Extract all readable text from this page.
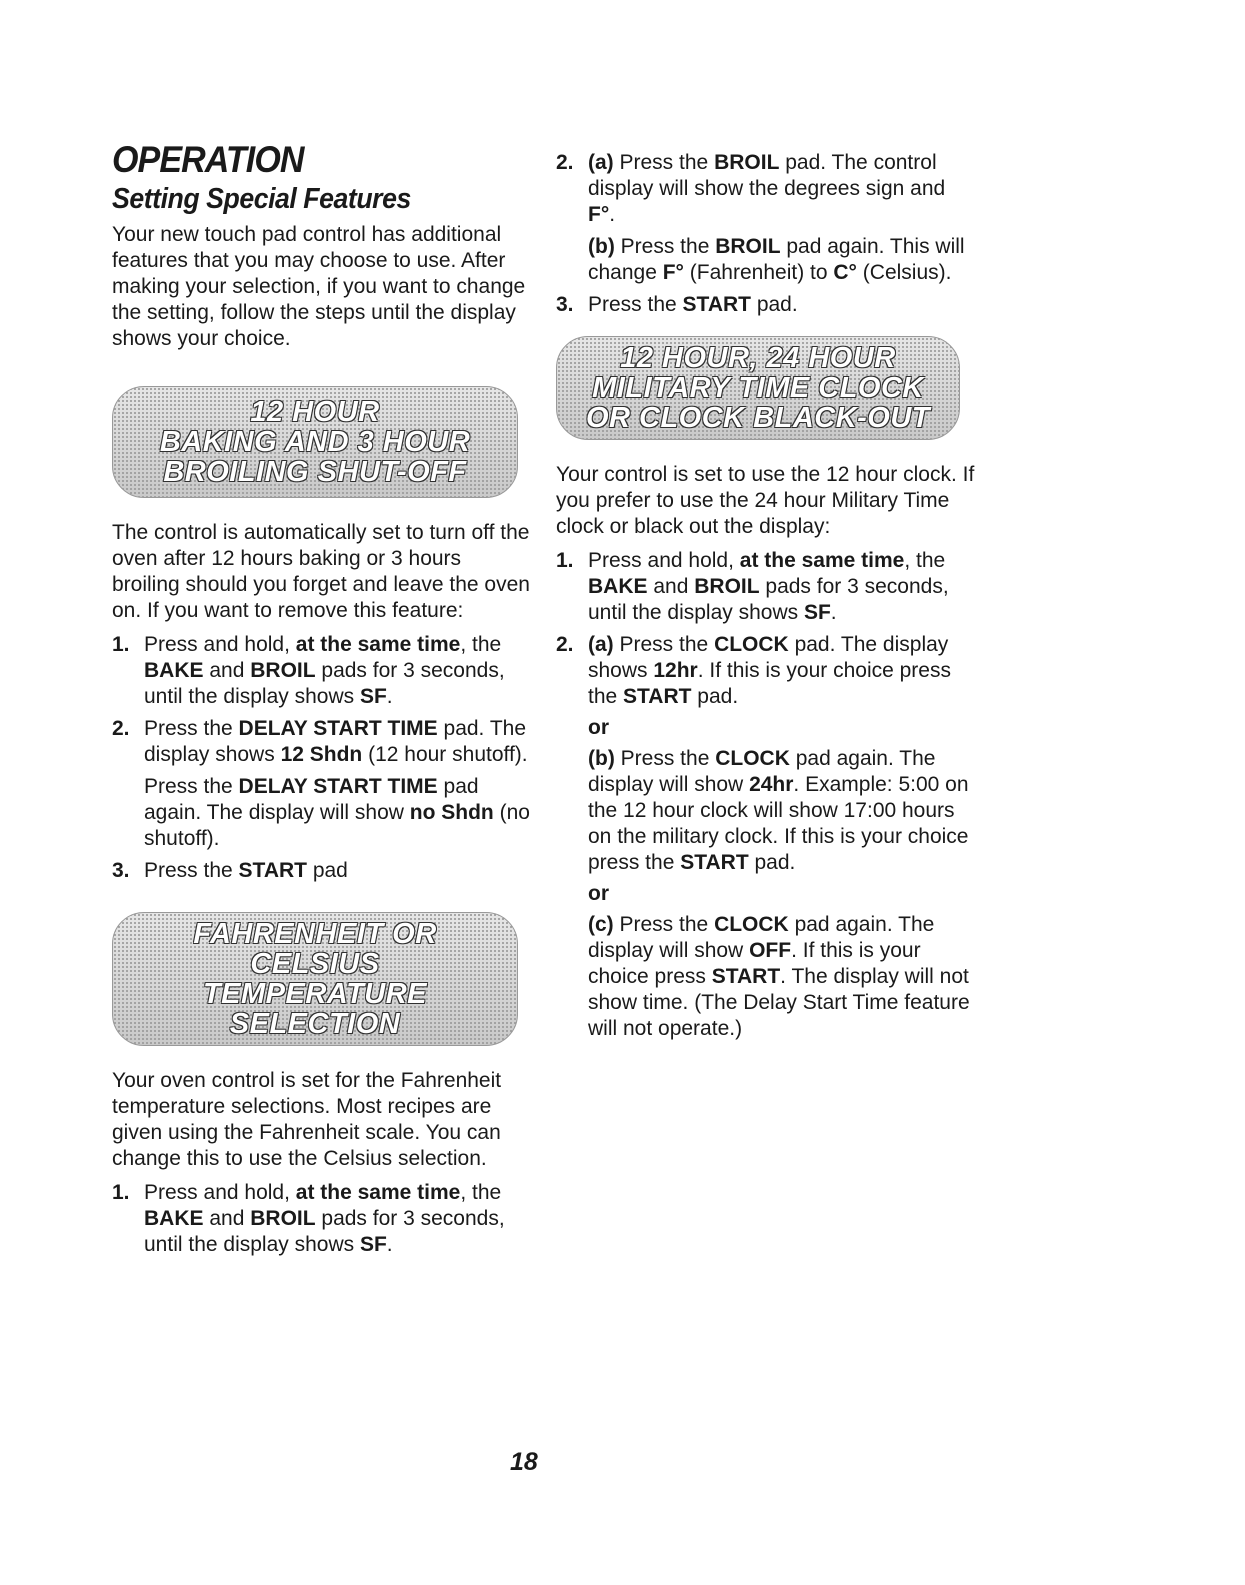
OPERATION
Setting Special Features

Your new touch pad control has additional features that you may choose to use. After making your selection, if you want to change the setting, follow the steps until the display shows your choice.

12 HOUR
BAKING AND 3 HOUR
BROILING SHUT-OFF

The control is automatically set to turn off the oven after 12 hours baking or 3 hours broiling should you forget and leave the oven on. If you want to remove this feature:

1. Press and hold, at the same time, the BAKE and BROIL pads for 3 seconds, until the display shows SF.

2. Press the DELAY START TIME pad. The display shows 12 Shdn (12 hour shutoff).

Press the DELAY START TIME pad again. The display will show no Shdn (no shutoff).

3. Press the START pad

FAHRENHEIT OR CELSIUS
TEMPERATURE SELECTION

Your oven control is set for the Fahrenheit temperature selections. Most recipes are given using the Fahrenheit scale. You can change this to use the Celsius selection.

1. Press and hold, at the same time, the BAKE and BROIL pads for 3 seconds, until the display shows SF.

2. (a) Press the BROIL pad. The control display will show the degrees sign and F°.

(b) Press the BROIL pad again. This will change F° (Fahrenheit) to C° (Celsius).

3. Press the START pad.

12 HOUR, 24 HOUR
MILITARY TIME CLOCK
OR CLOCK BLACK-OUT

Your control is set to use the 12 hour clock. If you prefer to use the 24 hour Military Time clock or black out the display:

1. Press and hold, at the same time, the BAKE and BROIL pads for 3 seconds, until the display shows SF.

2. (a) Press the CLOCK pad. The display shows 12hr. If this is your choice press the START pad.

or

(b) Press the CLOCK pad again. The display will show 24hr. Example: 5:00 on the 12 hour clock will show 17:00 hours on the military clock. If this is your choice press the START pad.

or

(c) Press the CLOCK pad again. The display will show OFF. If this is your choice press START. The display will not show time. (The Delay Start Time feature will not operate.)

18
